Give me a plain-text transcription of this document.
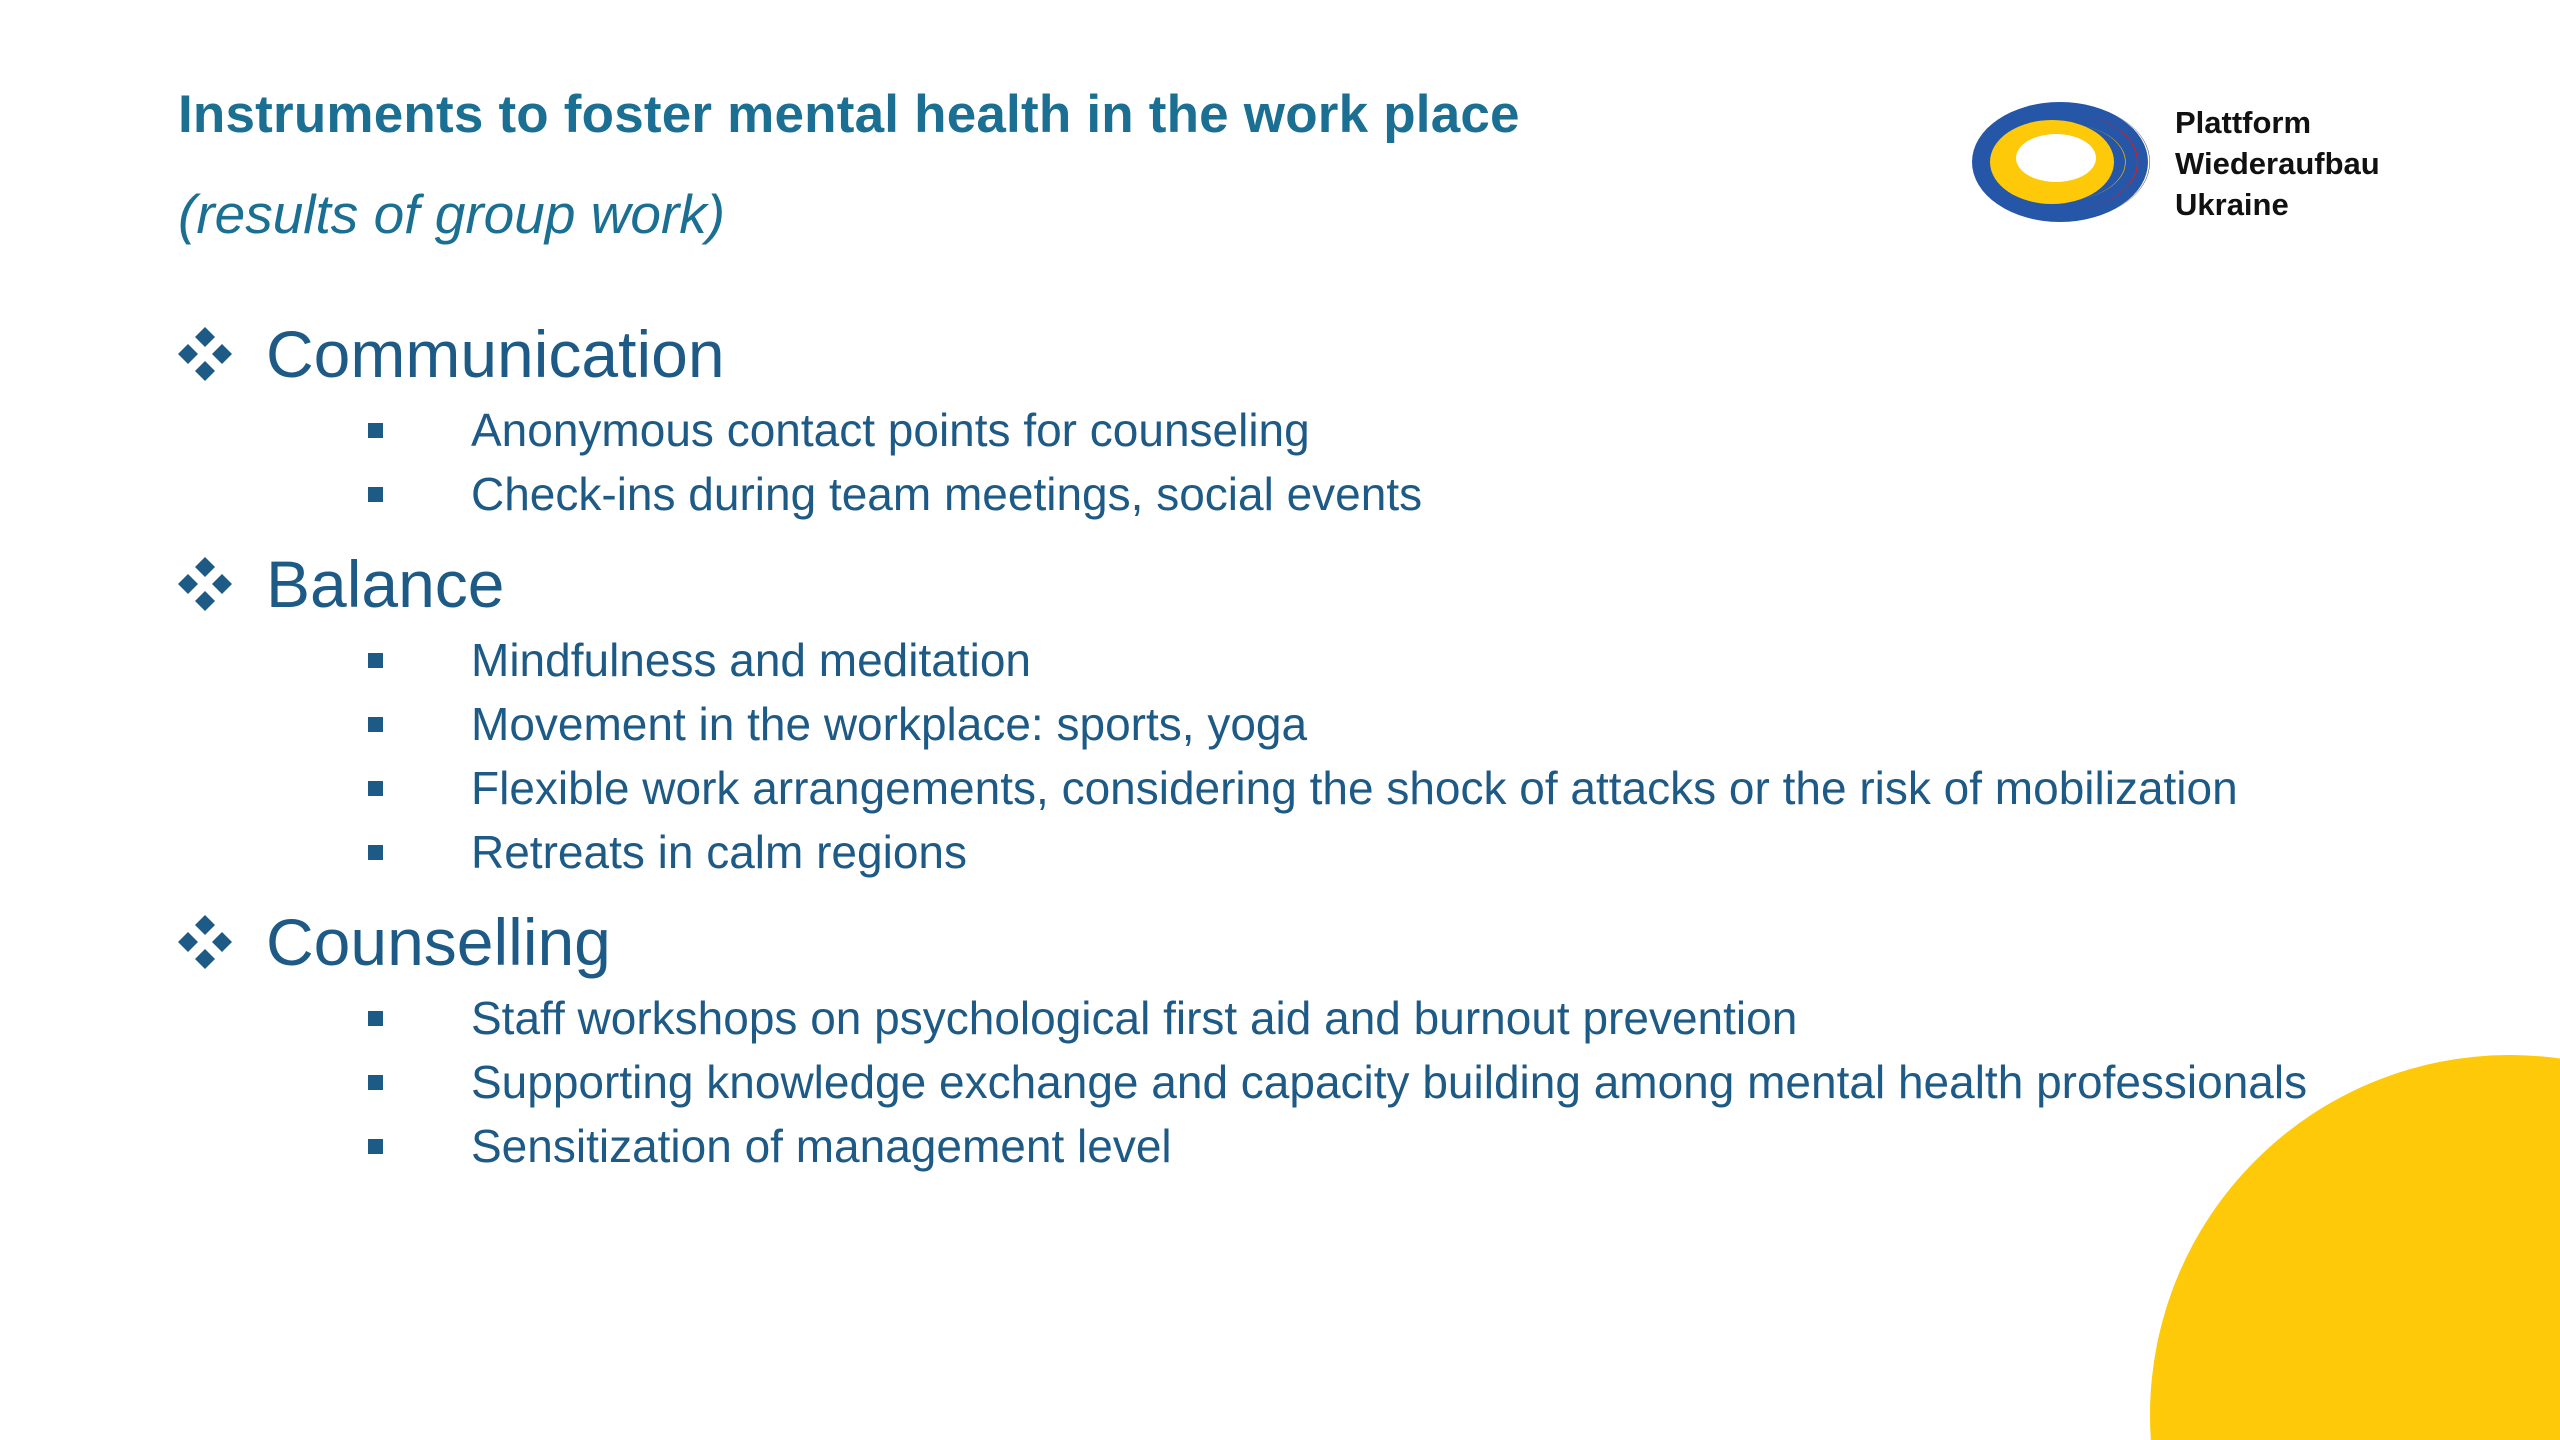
Instruments to foster mental health in the work place
(results of group work)
Plattform
Wiederaufbau
Ukraine
Communication
Anonymous contact points for counseling
Check-ins during team meetings, social events
Balance
Mindfulness and meditation
Movement in the workplace: sports, yoga
Flexible work arrangements, considering the shock of attacks or the risk of mobilization
Retreats in calm regions
Counselling
Staff workshops on psychological first aid and burnout prevention
Supporting knowledge exchange and capacity building among mental health professionals
Sensitization of management level
